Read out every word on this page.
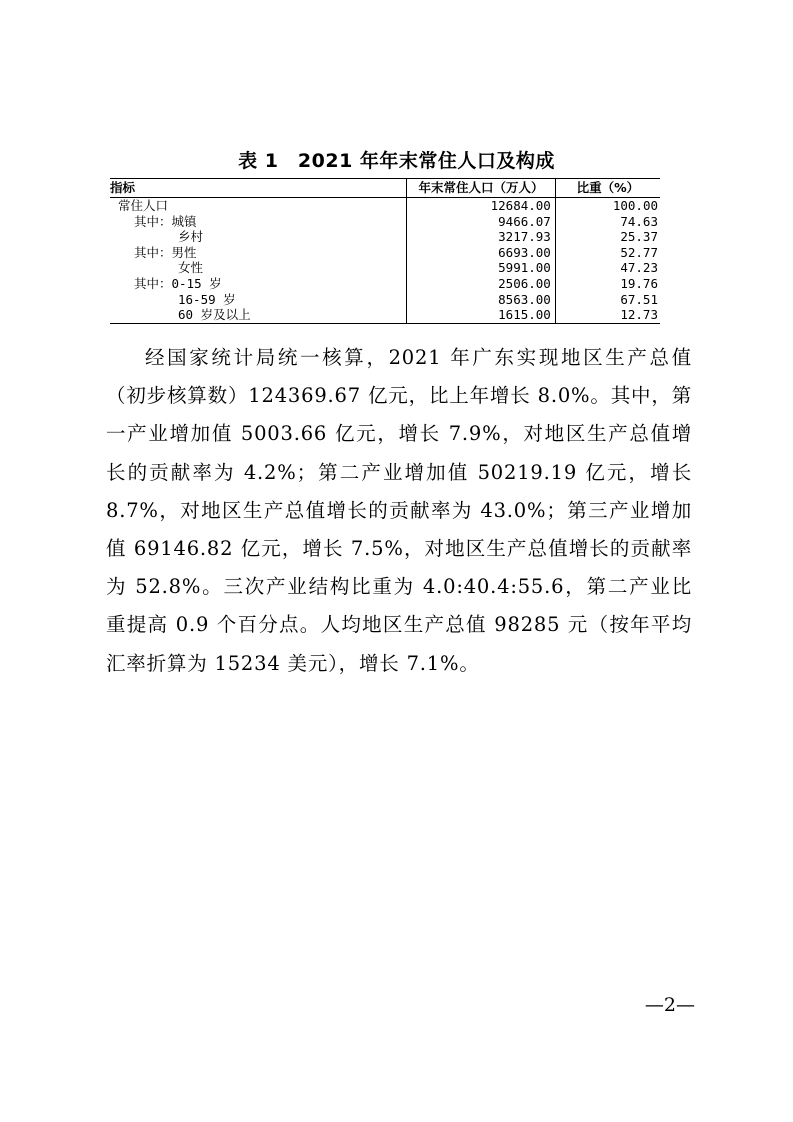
表 1　2021 年年末常住人口及构成
指标	年末常住人口（万人）	比重（%）
常住人口	12684.00	100.00
其中：城镇	9466.07	74.63
乡村	3217.93	25.37
其中：男性	6693.00	52.77
女性	5991.00	47.23
其中：0-15 岁	2506.00	19.76
16-59 岁	8563.00	67.51
60 岁及以上	1615.00	12.73

经国家统计局统一核算，2021 年广东实现地区生产总值（初步核算数）124369.67 亿元，比上年增长 8.0%。其中，第一产业增加值 5003.66 亿元，增长 7.9%，对地区生产总值增长的贡献率为 4.2%；第二产业增加值 50219.19 亿元，增长 8.7%，对地区生产总值增长的贡献率为 43.0%；第三产业增加值 69146.82 亿元，增长 7.5%，对地区生产总值增长的贡献率为 52.8%。三次产业结构比重为 4.0:40.4:55.6，第二产业比重提高 0.9 个百分点。人均地区生产总值 98285 元（按年平均汇率折算为 15234 美元），增长 7.1%。

—2—
